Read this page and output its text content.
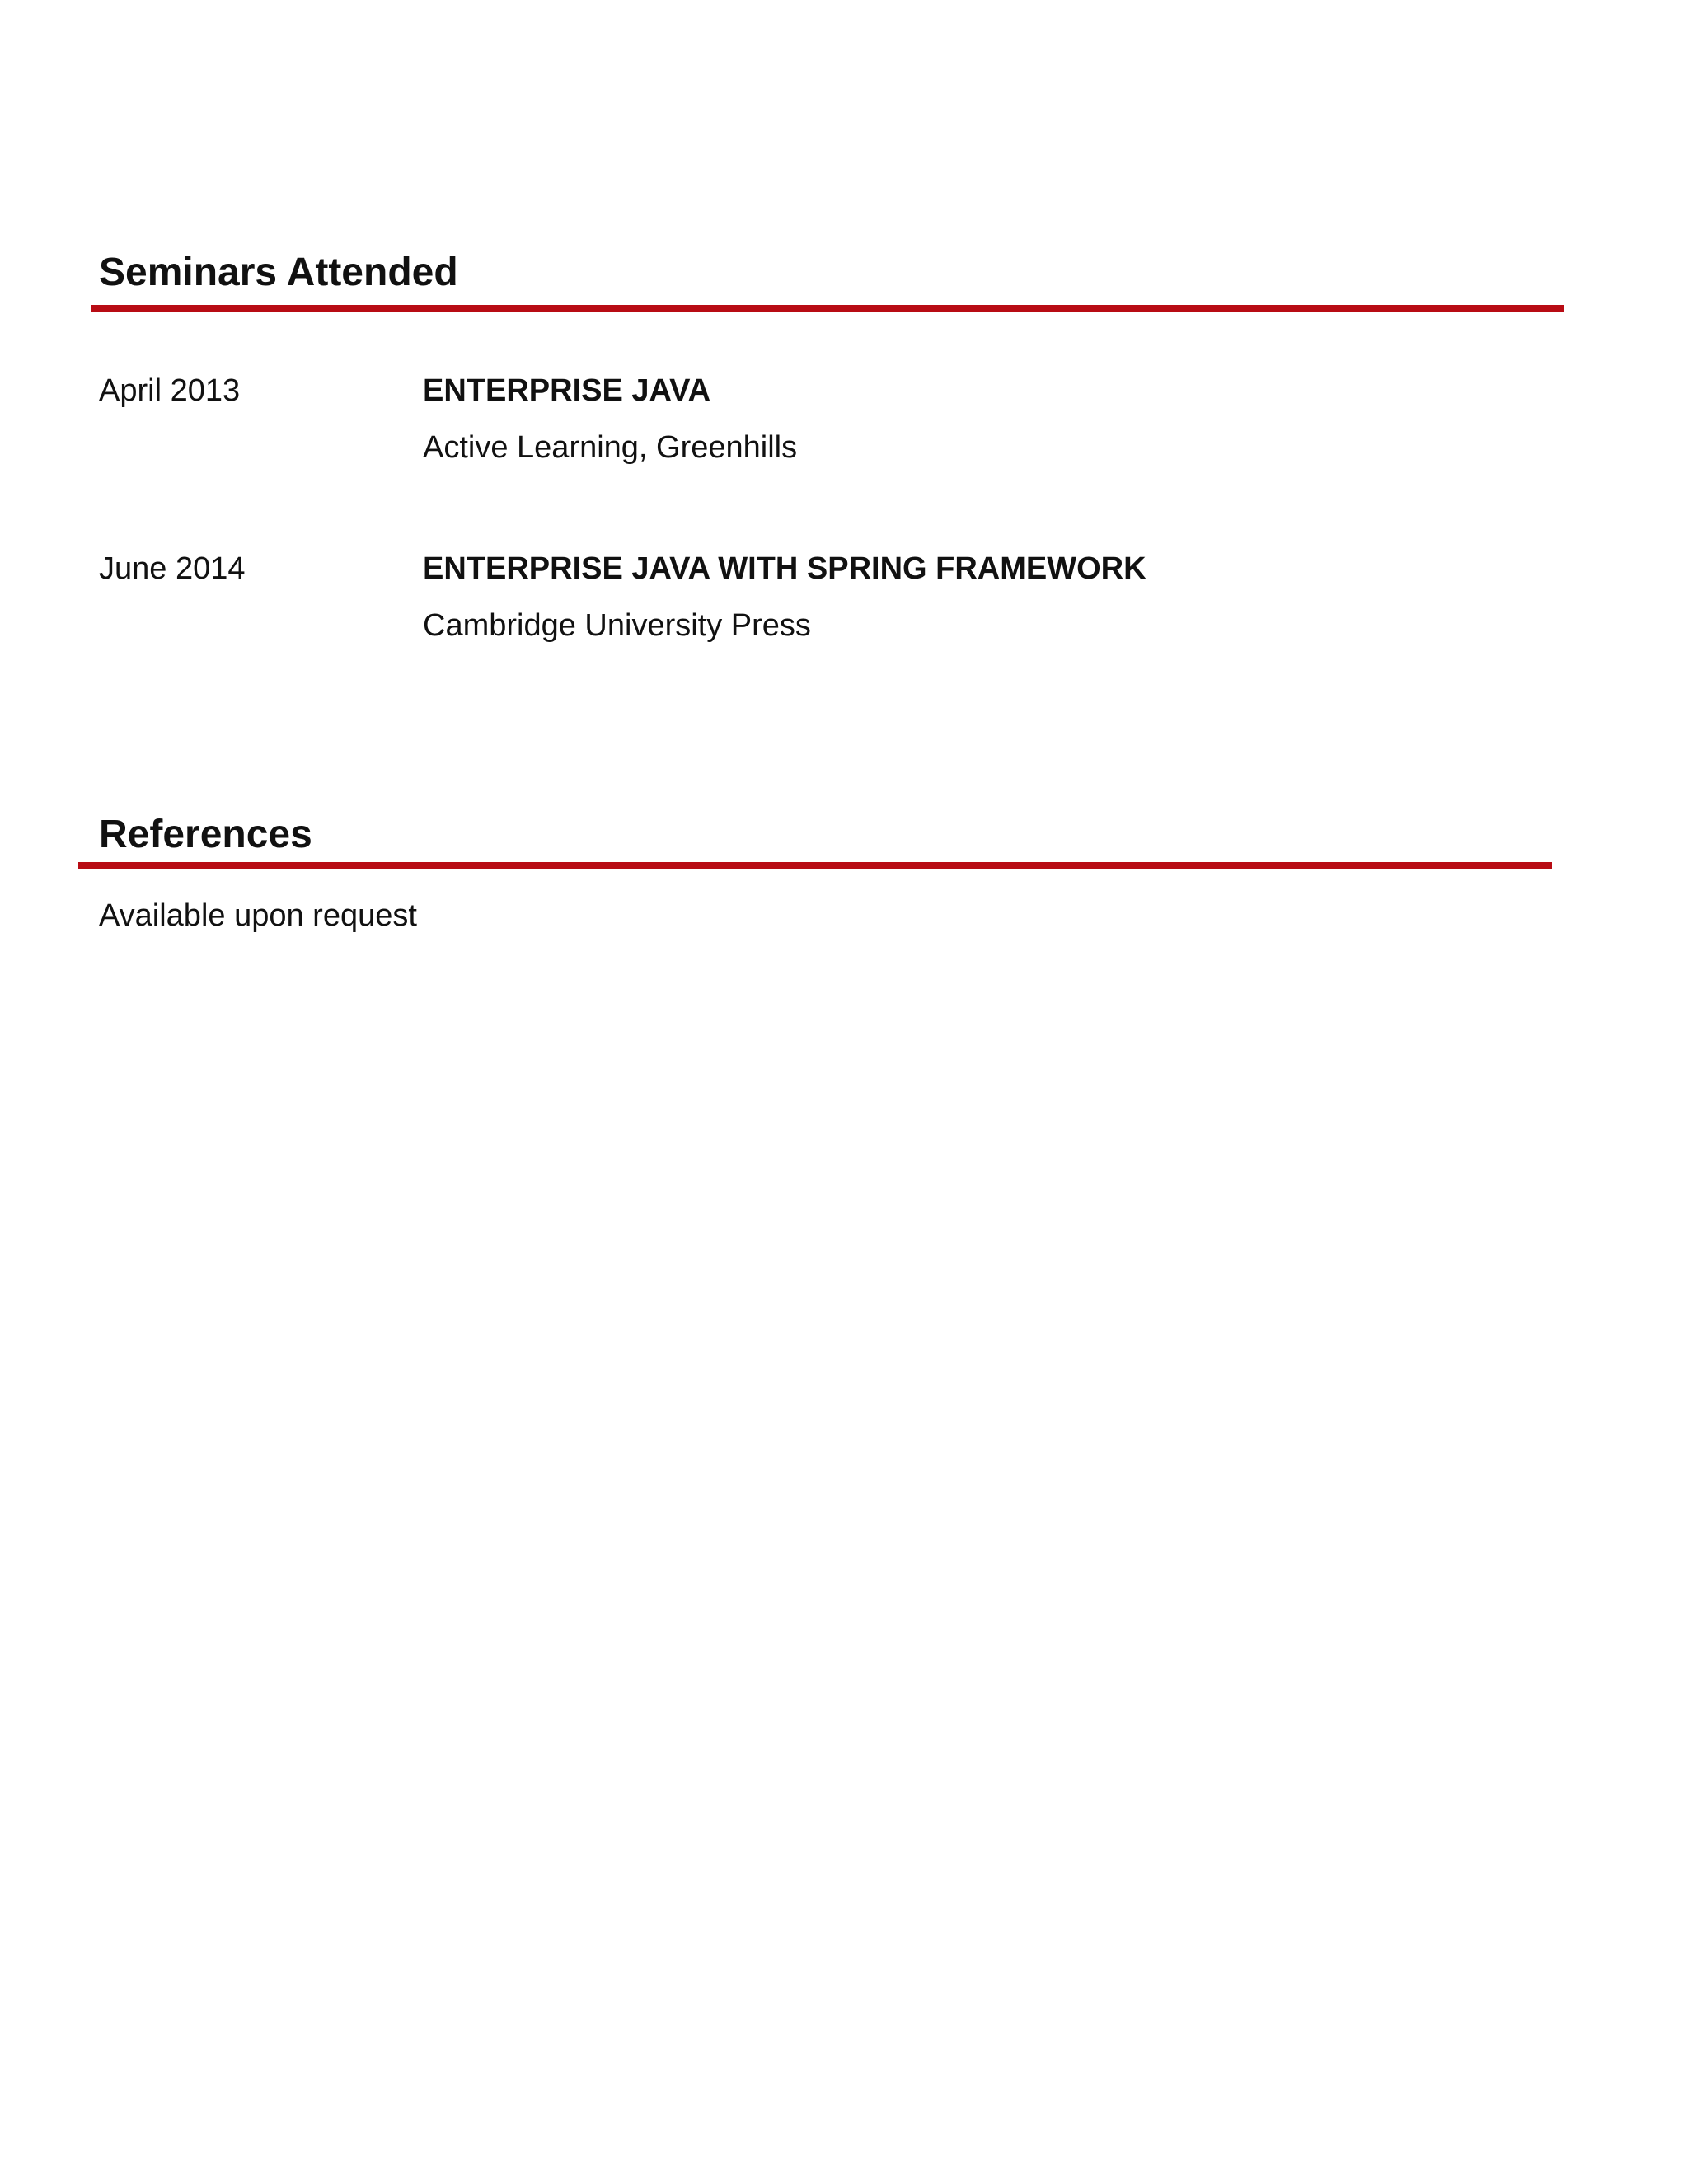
Seminars Attended
April 2013	ENTERPRISE JAVA
Active Learning, Greenhills
June 2014	ENTERPRISE JAVA WITH SPRING FRAMEWORK
Cambridge University Press
References
Available upon request
